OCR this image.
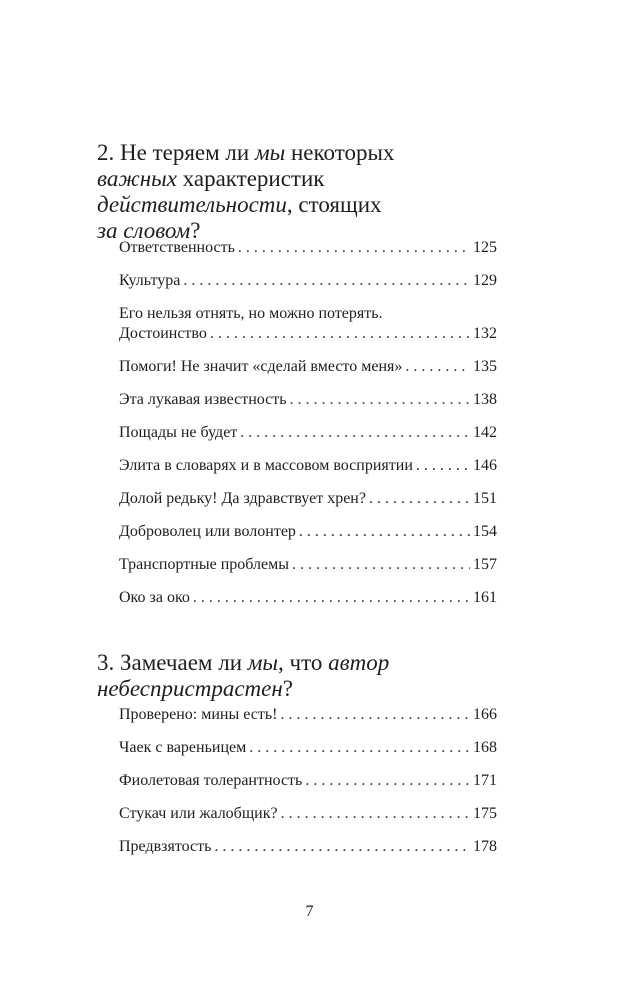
2. Не теряем ли мы некоторых
важных характеристик
действительности, стоящих
за словом?
Ответственность . . .	125
Культура . . .	129
Его нельзя отнять, но можно потерять.
Достоинство . . .	132
Помоги! Не значит «сделай вместо меня» . . .	135
Эта лукавая известность . . .	138
Пощады не будет . . .	142
Элита в словарях и в массовом восприятии . . .	146
Долой редьку! Да здравствует хрен? . . .	151
Доброволец или волонтер . . .	154
Транспортные проблемы . . .	157
Око за око . . .	161
3. Замечаем ли мы, что автор небеспристрастен?
Проверено: мины есть! . . .	166
Чаек с вареньицем . . .	168
Фиолетовая толерантность . . .	171
Стукач или жалобщик? . . .	175
Предвзятость . . .	178
7
